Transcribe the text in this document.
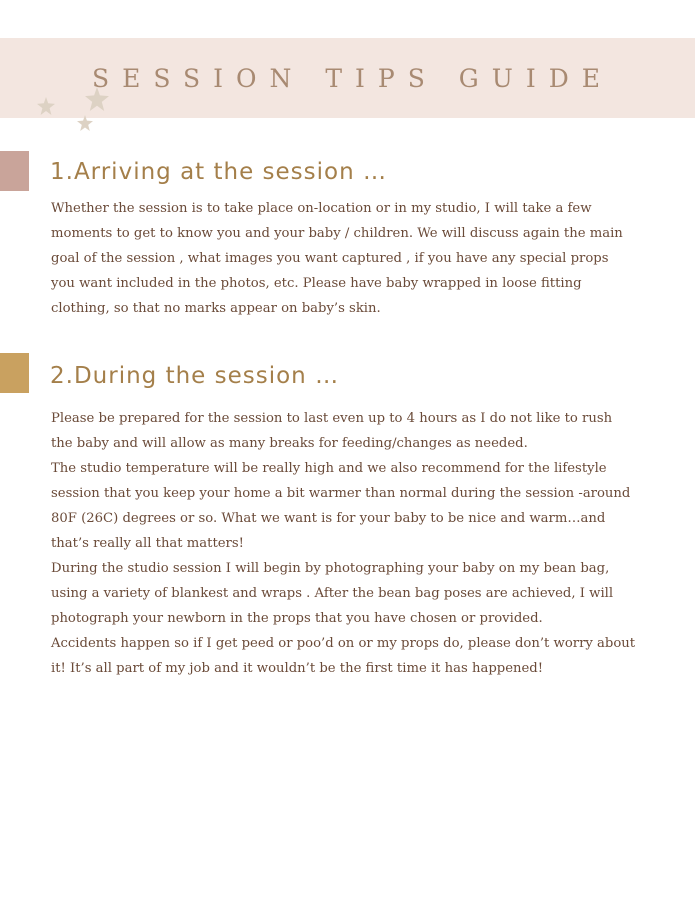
SESSION TIPS GUIDE
1.Arriving at the session …

Whether the session is to take place on-location or in my studio, I will take a few moments to get to know you and your baby / children. We will discuss again the main goal of the session , what images you want captured , if you have any special props you want included in the photos, etc. Please have baby wrapped in loose fitting clothing, so that no marks appear on baby’s skin.

2.During the session …

Please be prepared for the session to last even up to 4 hours as I do not like to rush the baby and will allow as many breaks for feeding/changes as needed.

The studio temperature will be really high and we also recommend for the lifestyle session that you keep your home a bit warmer than normal during the session -around 80F (26C) degrees or so. What we want is for your baby to be nice and warm…and that’s really all that matters!

During the studio session I will begin by photographing your baby on my bean bag, using a variety of blankest and wraps . After the bean bag poses are achieved, I will photograph your newborn in the props that you have chosen or provided.

Accidents happen so if I get peed or poo’d on or my props do, please don’t worry about it! It’s all part of my job and it wouldn’t be the first time it has happened!
